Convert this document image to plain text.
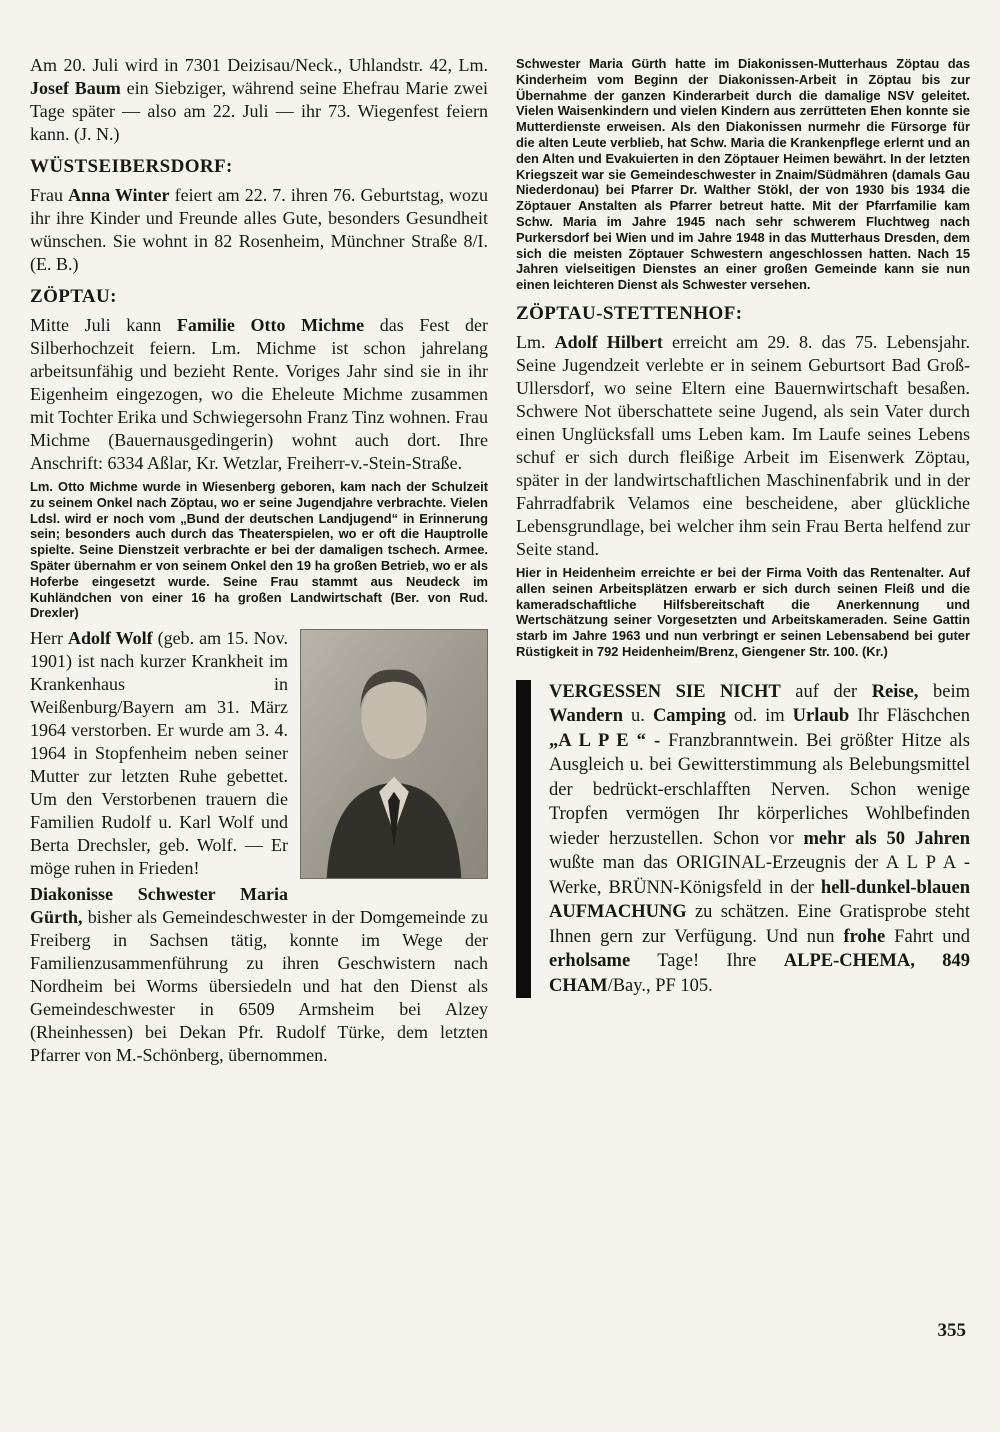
Am 20. Juli wird in 7301 Deizisau/Neck., Uhlandstr. 42, Lm. Josef Baum ein Siebziger, während seine Ehefrau Marie zwei Tage später — also am 22. Juli — ihr 73. Wiegenfest feiern kann. (J. N.)

WÜSTSEIBERSDORF:

Frau Anna Winter feiert am 22. 7. ihren 76. Geburtstag, wozu ihr ihre Kinder und Freunde alles Gute, besonders Gesundheit wünschen. Sie wohnt in 82 Rosenheim, Münchner Straße 8/I. (E. B.)

ZÖPTAU:

Mitte Juli kann Familie Otto Michme das Fest der Silberhochzeit feiern. Lm. Michme ist schon jahrelang arbeitsunfähig und bezieht Rente. Voriges Jahr sind sie in ihr Eigenheim eingezogen, wo die Eheleute Michme zusammen mit Tochter Erika und Schwiegersohn Franz Tinz wohnen. Frau Michme (Bauernausgedingerin) wohnt auch dort. Ihre Anschrift: 6334 Aßlar, Kr. Wetzlar, Freiherr-v.-Stein-Straße.

Lm. Otto Michme wurde in Wiesenberg geboren, kam nach der Schulzeit zu seinem Onkel nach Zöptau, wo er seine Jugendjahre verbrachte. Vielen Ldsl. wird er noch vom „Bund der deutschen Landjugend“ in Erinnerung sein; besonders auch durch das Theaterspielen, wo er oft die Hauptrolle spielte. Seine Dienstzeit verbrachte er bei der damaligen tschech. Armee. Später übernahm er von seinem Onkel den 19 ha großen Betrieb, wo er als Hoferbe eingesetzt wurde. Seine Frau stammt aus Neudeck im Kuhländchen von einer 16 ha großen Landwirtschaft (Ber. von Rud. Drexler)

Herr Adolf Wolf (geb. am 15. Nov. 1901) ist nach kurzer Krankheit im Krankenhaus in Weißenburg/Bayern am 31. März 1964 verstorben. Er wurde am 3. 4. 1964 in Stopfenheim neben seiner Mutter zur letzten Ruhe gebettet. Um den Verstorbenen trauern die Familien Rudolf u. Karl Wolf und Berta Drechsler, geb. Wolf. — Er möge ruhen in Frieden!

Diakonisse Schwester Maria Gürth, bisher als Gemeindeschwester in der Domgemeinde zu Freiberg in Sachsen tätig, konnte im Wege der Familienzusammenführung zu ihren Geschwistern nach Nordheim bei Worms übersiedeln und hat den Dienst als Gemeindeschwester in 6509 Armsheim bei Alzey (Rheinhessen) bei Dekan Pfr. Rudolf Türke, dem letzten Pfarrer von M.-Schönberg, übernommen.

Schwester Maria Gürth hatte im Diakonissen-Mutterhaus Zöptau das Kinderheim vom Beginn der Diakonissen-Arbeit in Zöptau bis zur Übernahme der ganzen Kinderarbeit durch die damalige NSV geleitet. Vielen Waisenkindern und vielen Kindern aus zerrütteten Ehen konnte sie Mutterdienste erweisen. Als den Diakonissen nurmehr die Fürsorge für die alten Leute verblieb, hat Schw. Maria die Krankenpflege erlernt und an den Alten und Evakuierten in den Zöptauer Heimen bewährt. In der letzten Kriegszeit war sie Gemeindeschwester in Znaim/Südmähren (damals Gau Niederdonau) bei Pfarrer Dr. Walther Stökl, der von 1930 bis 1934 die Zöptauer Anstalten als Pfarrer betreut hatte. Mit der Pfarrfamilie kam Schw. Maria im Jahre 1945 nach sehr schwerem Fluchtweg nach Purkersdorf bei Wien und im Jahre 1948 in das Mutterhaus Dresden, dem sich die meisten Zöptauer Schwestern angeschlossen hatten. Nach 15 Jahren vielseitigen Dienstes an einer großen Gemeinde kann sie nun einen leichteren Dienst als Schwester versehen.

ZÖPTAU-STETTENHOF:

Lm. Adolf Hilbert erreicht am 29. 8. das 75. Lebensjahr. Seine Jugendzeit verlebte er in seinem Geburtsort Bad Groß-Ullersdorf, wo seine Eltern eine Bauernwirtschaft besaßen. Schwere Not überschattete seine Jugend, als sein Vater durch einen Unglücksfall ums Leben kam. Im Laufe seines Lebens schuf er sich durch fleißige Arbeit im Eisenwerk Zöptau, später in der landwirtschaftlichen Maschinenfabrik und in der Fahrradfabrik Velamos eine bescheidene, aber glückliche Lebensgrundlage, bei welcher ihm sein Frau Berta helfend zur Seite stand.

Hier in Heidenheim erreichte er bei der Firma Voith das Rentenalter. Auf allen seinen Arbeitsplätzen erwarb er sich durch seinen Fleiß und die kameradschaftliche Hilfsbereitschaft die Anerkennung und Wertschätzung seiner Vorgesetzten und Arbeitskameraden. Seine Gattin starb im Jahre 1963 und nun verbringt er seinen Lebensabend bei guter Rüstigkeit in 792 Heidenheim/Brenz, Giengener Str. 100. (Kr.)

VERGESSEN SIE NICHT auf der Reise, beim Wandern u. Camping od. im Urlaub Ihr Fläschchen „A L P E “ - Franzbranntwein. Bei größter Hitze als Ausgleich u. bei Gewitterstimmung als Belebungsmittel der bedrückt-erschlafften Nerven. Schon wenige Tropfen vermögen Ihr körperliches Wohlbefinden wieder herzustellen. Schon vor mehr als 50 Jahren wußte man das ORIGINAL-Erzeugnis der A L P A - Werke, BRÜNN-Königsfeld in der hell-dunkel-blauen AUFMACHUNG zu schätzen. Eine Gratisprobe steht Ihnen gern zur Verfügung. Und nun frohe Fahrt und erholsame Tage! Ihre ALPE-CHEMA, 849 CHAM/Bay., PF 105.

355
